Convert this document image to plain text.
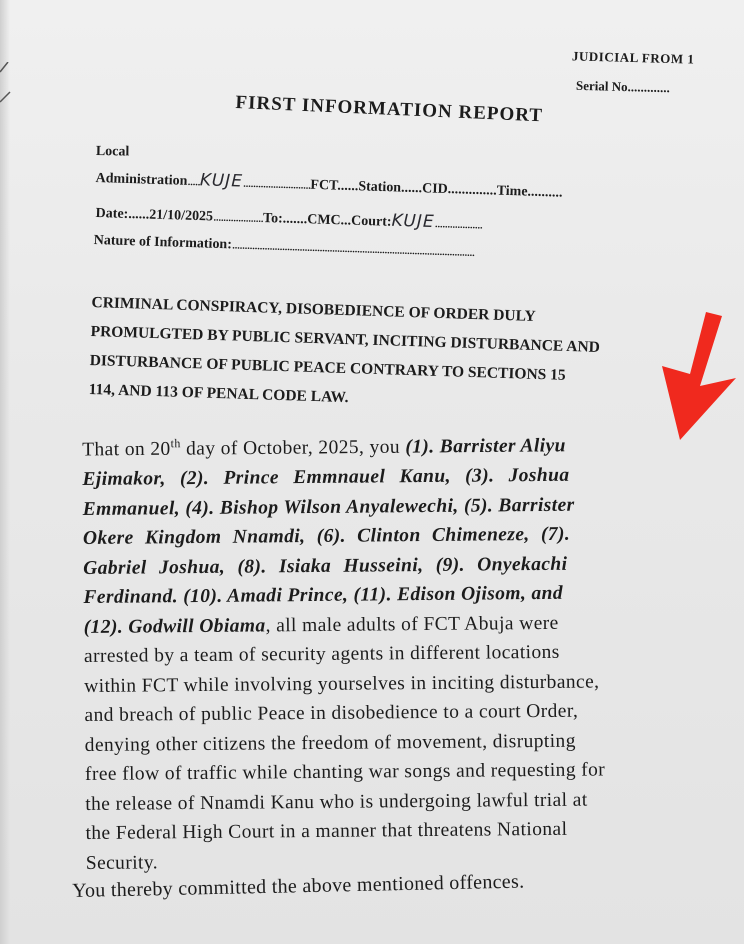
JUDICIAL FROM 1
Serial No.............
FIRST INFORMATION REPORT
Local
Administration.....KUJE...........................FCT......Station......CID..............Time..........
Date:......21/10/2025....................To:.......CMC...Court:KUJE...................
Nature of Information:.................................................................................................
CRIMINAL CONSPIRACY, DISOBEDIENCE OF ORDER DULY
PROMULGTED BY PUBLIC SERVANT, INCITING DISTURBANCE AND
DISTURBANCE OF PUBLIC PEACE CONTRARY TO SECTIONS 15
114, AND 113 OF PENAL CODE LAW.
That on 20th day of October, 2025, you (1). Barrister Aliyu
Ejimakor, (2). Prince Emmnauel Kanu, (3). Joshua
Emmanuel, (4). Bishop Wilson Anyalewechi, (5). Barrister
Okere Kingdom Nnamdi, (6). Clinton Chimeneze, (7).
Gabriel Joshua, (8). Isiaka Husseini, (9). Onyekachi
Ferdinand. (10). Amadi Prince, (11). Edison Ojisom, and
(12). Godwill Obiama, all male adults of FCT Abuja were
arrested by a team of security agents in different locations
within FCT while involving yourselves in inciting disturbance,
and breach of public Peace in disobedience to a court Order,
denying other citizens the freedom of movement, disrupting
free flow of traffic while chanting war songs and requesting for
the release of Nnamdi Kanu who is undergoing lawful trial at
the Federal High Court in a manner that threatens National
Security.
You thereby committed the above mentioned offences.
